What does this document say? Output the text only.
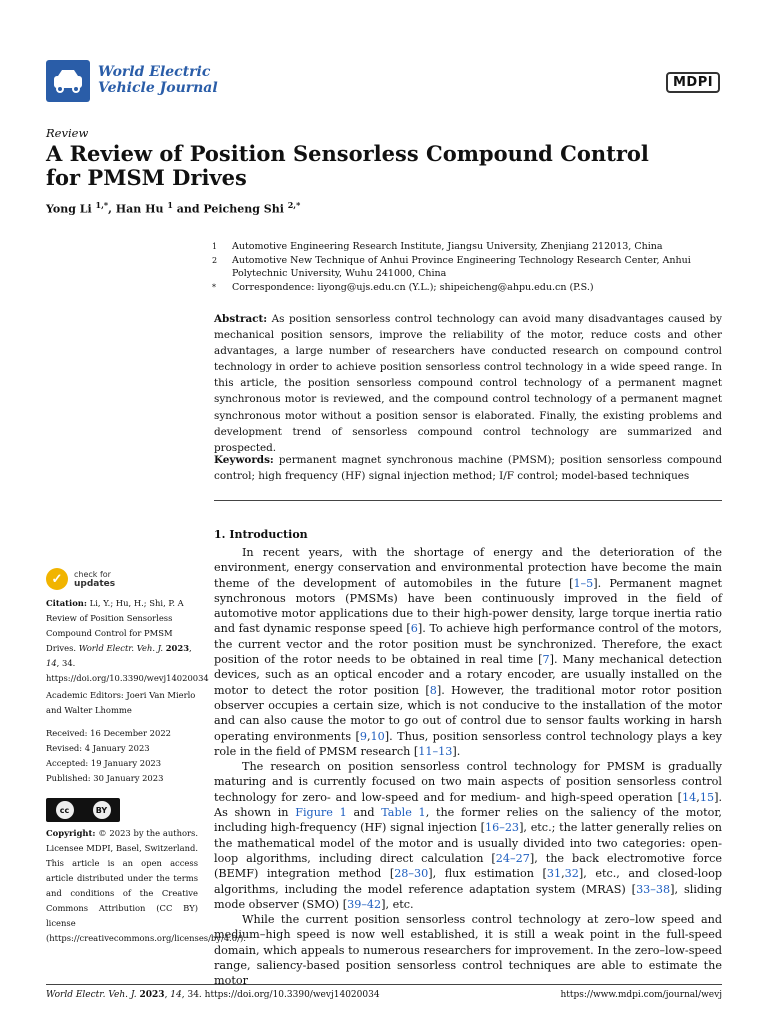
World Electric
Vehicle Journal	MDPI
Review
A Review of Position Sensorless Compound Control for PMSM Drives
Yong Li $^{1,*}$, Han Hu $^1$ and Peicheng Shi $^{2,*}$
1	Automotive Engineering Research Institute, Jiangsu University, Zhenjiang 212013, China
2	Automotive New Technique of Anhui Province Engineering Technology Research Center, Anhui Polytechnic University, Wuhu 241000, China
*	Correspondence: liyong@ujs.edu.cn (Y.L.); shipeicheng@ahpu.edu.cn (P.S.)
Abstract: As position sensorless control technology can avoid many disadvantages caused by mechanical position sensors, improve the reliability of the motor, reduce costs and other advantages, a large number of researchers have conducted research on compound control technology in order to achieve position sensorless control technology in a wide speed range. In this article, the position sensorless compound control technology of a permanent magnet synchronous motor is reviewed, and the compound control technology of a permanent magnet synchronous motor without a position sensor is elaborated. Finally, the existing problems and development trend of sensorless compound control technology are summarized and prospected.
Keywords: permanent magnet synchronous machine (PMSM); position sensorless compound control; high frequency (HF) signal injection method; I/F control; model-based techniques
1. Introduction

In recent years, with the shortage of energy and the deterioration of the environment, energy conservation and environmental protection have become the main theme of the development of automobiles in the future [1–5]. Permanent magnet synchronous motors (PMSMs) have been continuously improved in the field of automotive motor applications due to their high-power density, large torque inertia ratio and fast dynamic response speed [6]. To achieve high performance control of the motors, the current vector and the rotor position must be synchronized. Therefore, the exact position of the rotor needs to be obtained in real time [7]. Many mechanical detection devices, such as an optical encoder and a rotary encoder, are usually installed on the motor to detect the rotor position [8]. However, the traditional motor rotor position observer occupies a certain size, which is not conducive to the installation of the motor and can also cause the motor to go out of control due to sensor faults working in harsh operating environments [9,10]. Thus, position sensorless control technology plays a key role in the field of PMSM research [11–13].

The research on position sensorless control technology for PMSM is gradually maturing and is currently focused on two main aspects of position sensorless control technology for zero- and low-speed and for medium- and high-speed operation [14,15]. As shown in Figure 1 and Table 1, the former relies on the saliency of the motor, including high-frequency (HF) signal injection [16–23], etc.; the latter generally relies on the mathematical model of the motor and is usually divided into two categories: open-loop algorithms, including direct calculation [24–27], the back electromotive force (BEMF) integration method [28–30], flux estimation [31,32], etc., and closed-loop algorithms, including the model reference adaptation system (MRAS) [33–38], sliding mode observer (SMO) [39–42], etc.

While the current position sensorless control technology at zero–low speed and medium–high speed is now well established, it is still a weak point in the full-speed domain, which appeals to numerous researchers for improvement. In the zero–low-speed range, saliency-based position sensorless control techniques are able to estimate the motor

✓	check for
updates
Citation: Li, Y.; Hu, H.; Shi, P. A Review of Position Sensorless Compound Control for PMSM Drives. World Electr. Veh. J. 2023, 14, 34. https://doi.org/10.3390/wevj14020034
Academic Editors: Joeri Van Mierlo and Walter Lhomme
Received: 16 December 2022
Revised: 4 January 2023
Accepted: 19 January 2023
Published: 30 January 2023
cc	BY
Copyright: © 2023 by the authors. Licensee MDPI, Basel, Switzerland. This article is an open access article distributed under the terms and conditions of the Creative Commons Attribution (CC BY) license (https://creativecommons.org/licenses/by/4.0/).
World Electr. Veh. J. 2023, 14, 34. https://doi.org/10.3390/wevj14020034	https://www.mdpi.com/journal/wevj
